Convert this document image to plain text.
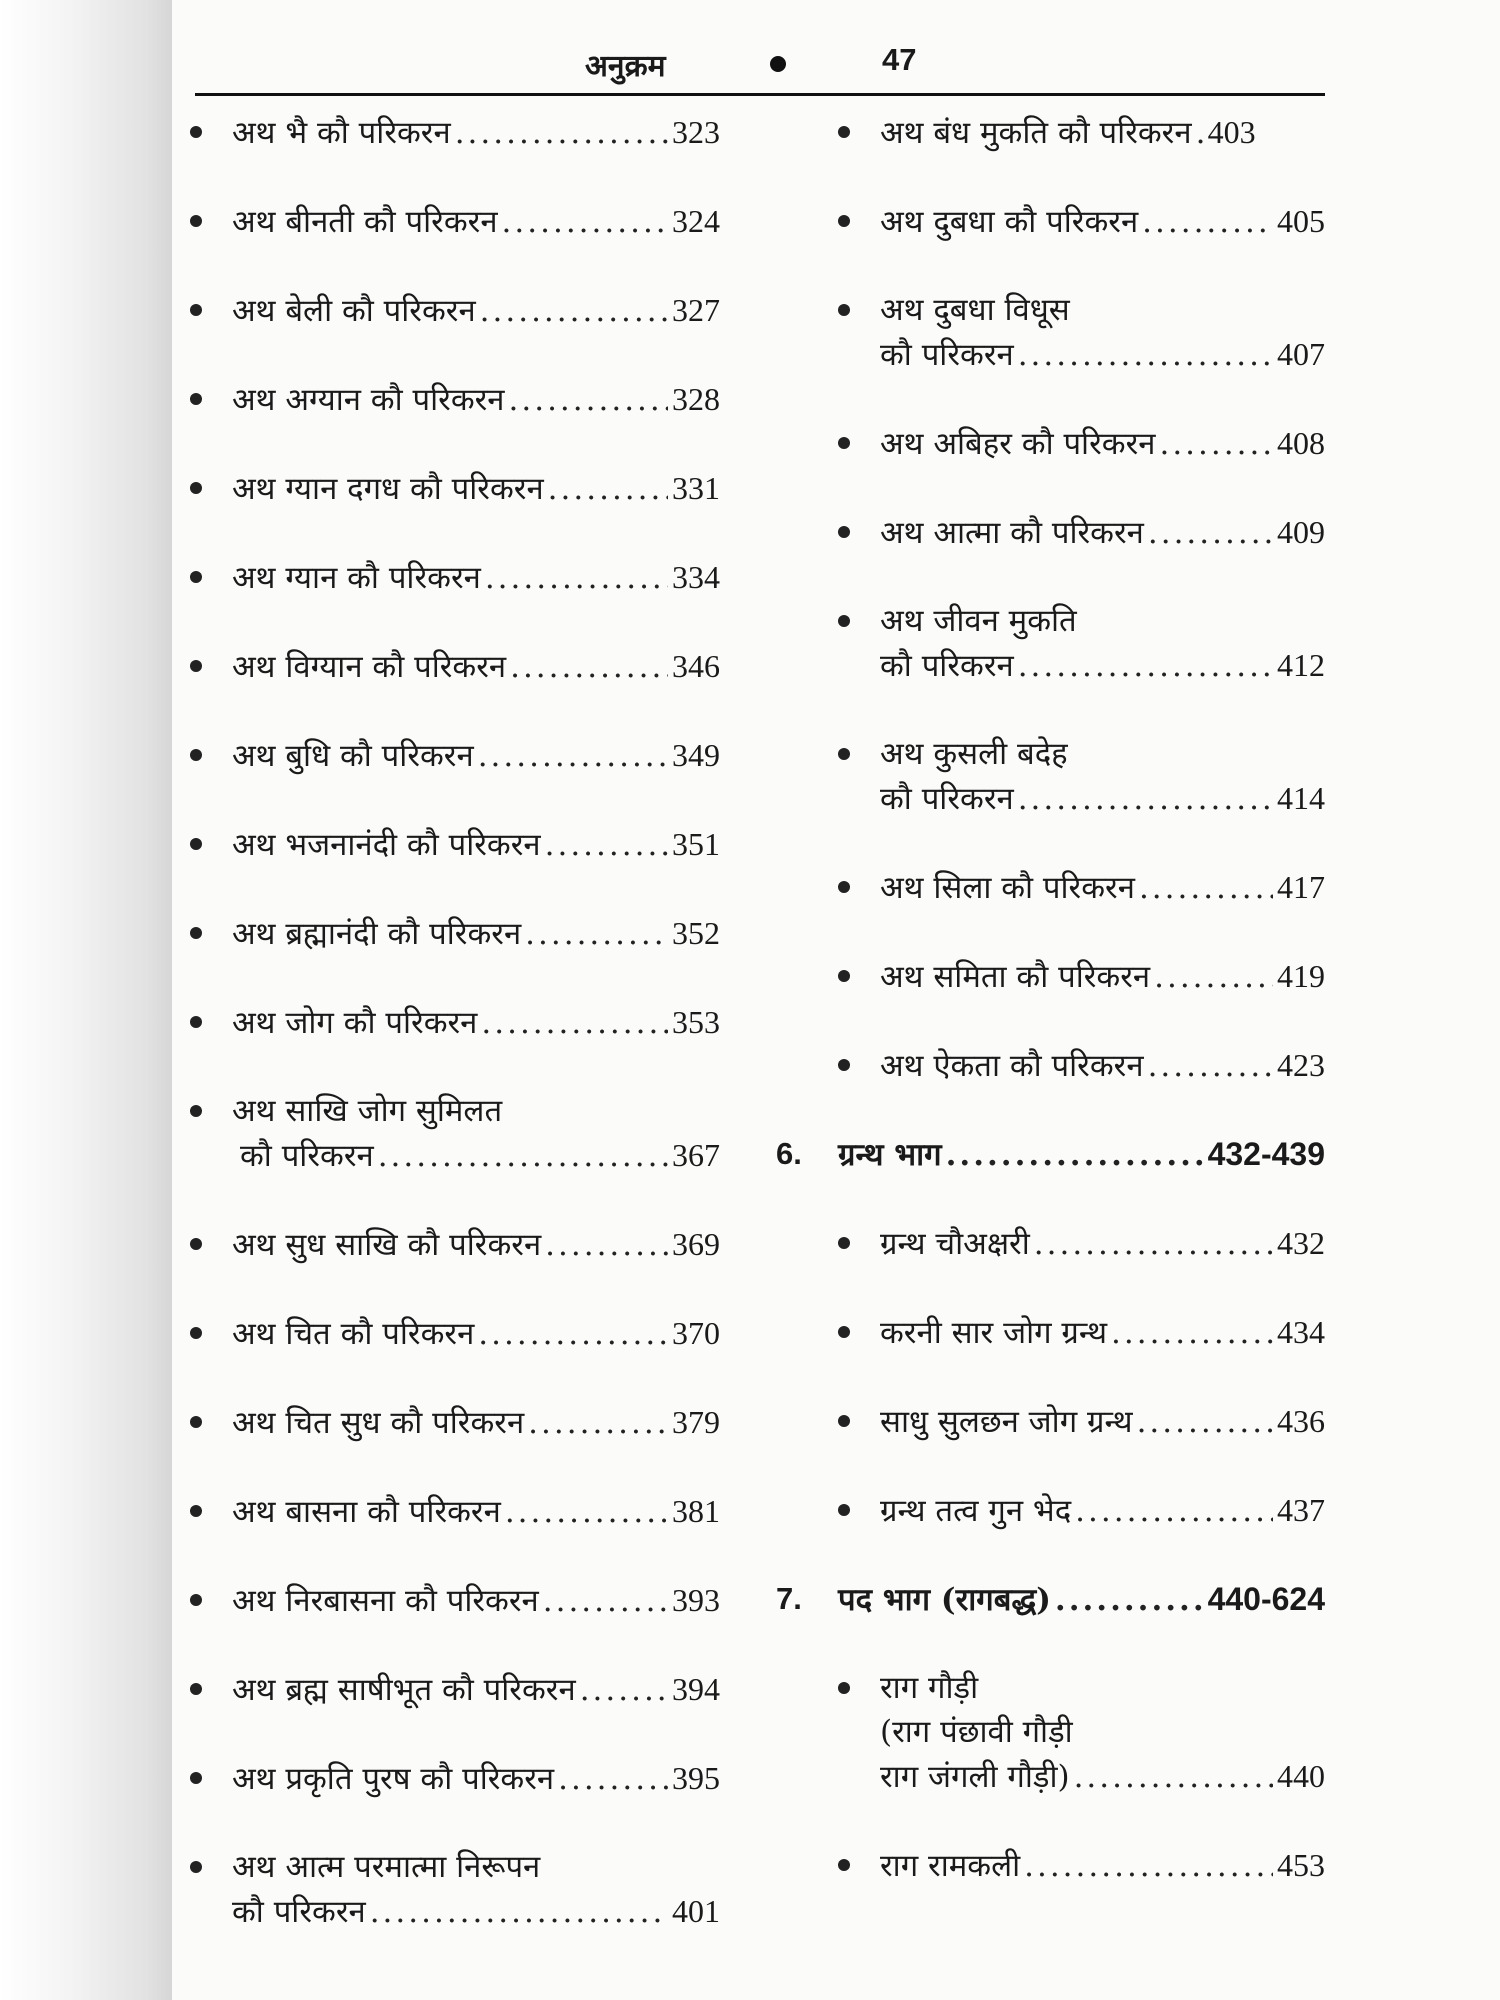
अनुक्रम	47
अथ भै कौ परिकरन .....	323
अथ बीनती कौ परिकरन .....	324
अथ बेली कौ परिकरन .....	327
अथ अग्यान कौ परिकरन .....	328
अथ ग्यान दगध कौ परिकरन .....	331
अथ ग्यान कौ परिकरन .....	334
अथ विग्यान कौ परिकरन .....	346
अथ बुधि कौ परिकरन .....	349
अथ भजनानंदी कौ परिकरन .....	351
अथ ब्रह्मानंदी कौ परिकरन .....	352
अथ जोग कौ परिकरन .....	353
अथ साखि जोग सुमिलत
कौ परिकरन .....	367
अथ सुध साखि कौ परिकरन .....	369
अथ चित कौ परिकरन .....	370
अथ चित सुध कौ परिकरन .....	379
अथ बासना कौ परिकरन .....	381
अथ निरबासना कौ परिकरन .....	393
अथ ब्रह्म साषीभूत कौ परिकरन .....	394
अथ प्रकृति पुरष कौ परिकरन .....	395
अथ आत्म परमात्मा निरूपन
कौ परिकरन .....	401
अथ बंध मुकति कौ परिकरन ..... 403
अथ दुबधा कौ परिकरन .....	405
अथ दुबधा विधूस
कौ परिकरन .....	407
अथ अबिहर कौ परिकरन .....	408
अथ आत्मा कौ परिकरन .....	409
अथ जीवन मुकति
कौ परिकरन .....	412
अथ कुसली बदेह
कौ परिकरन .....	414
अथ सिला कौ परिकरन .....	417
अथ समिता कौ परिकरन .....	419
अथ ऐकता कौ परिकरन .....	423
6. ग्रन्थ भाग .....	432-439
ग्रन्थ चौअक्षरी .....	432
करनी सार जोग ग्रन्थ .....	434
साधु सुलछन जोग ग्रन्थ .....	436
ग्रन्थ तत्व गुन भेद .....	437
7. पद भाग (रागबद्ध) .....	440-624
राग गौड़ी
(राग पंछावी गौड़ी
राग जंगली गौड़ी) .....	440
राग रामकली .....	453
